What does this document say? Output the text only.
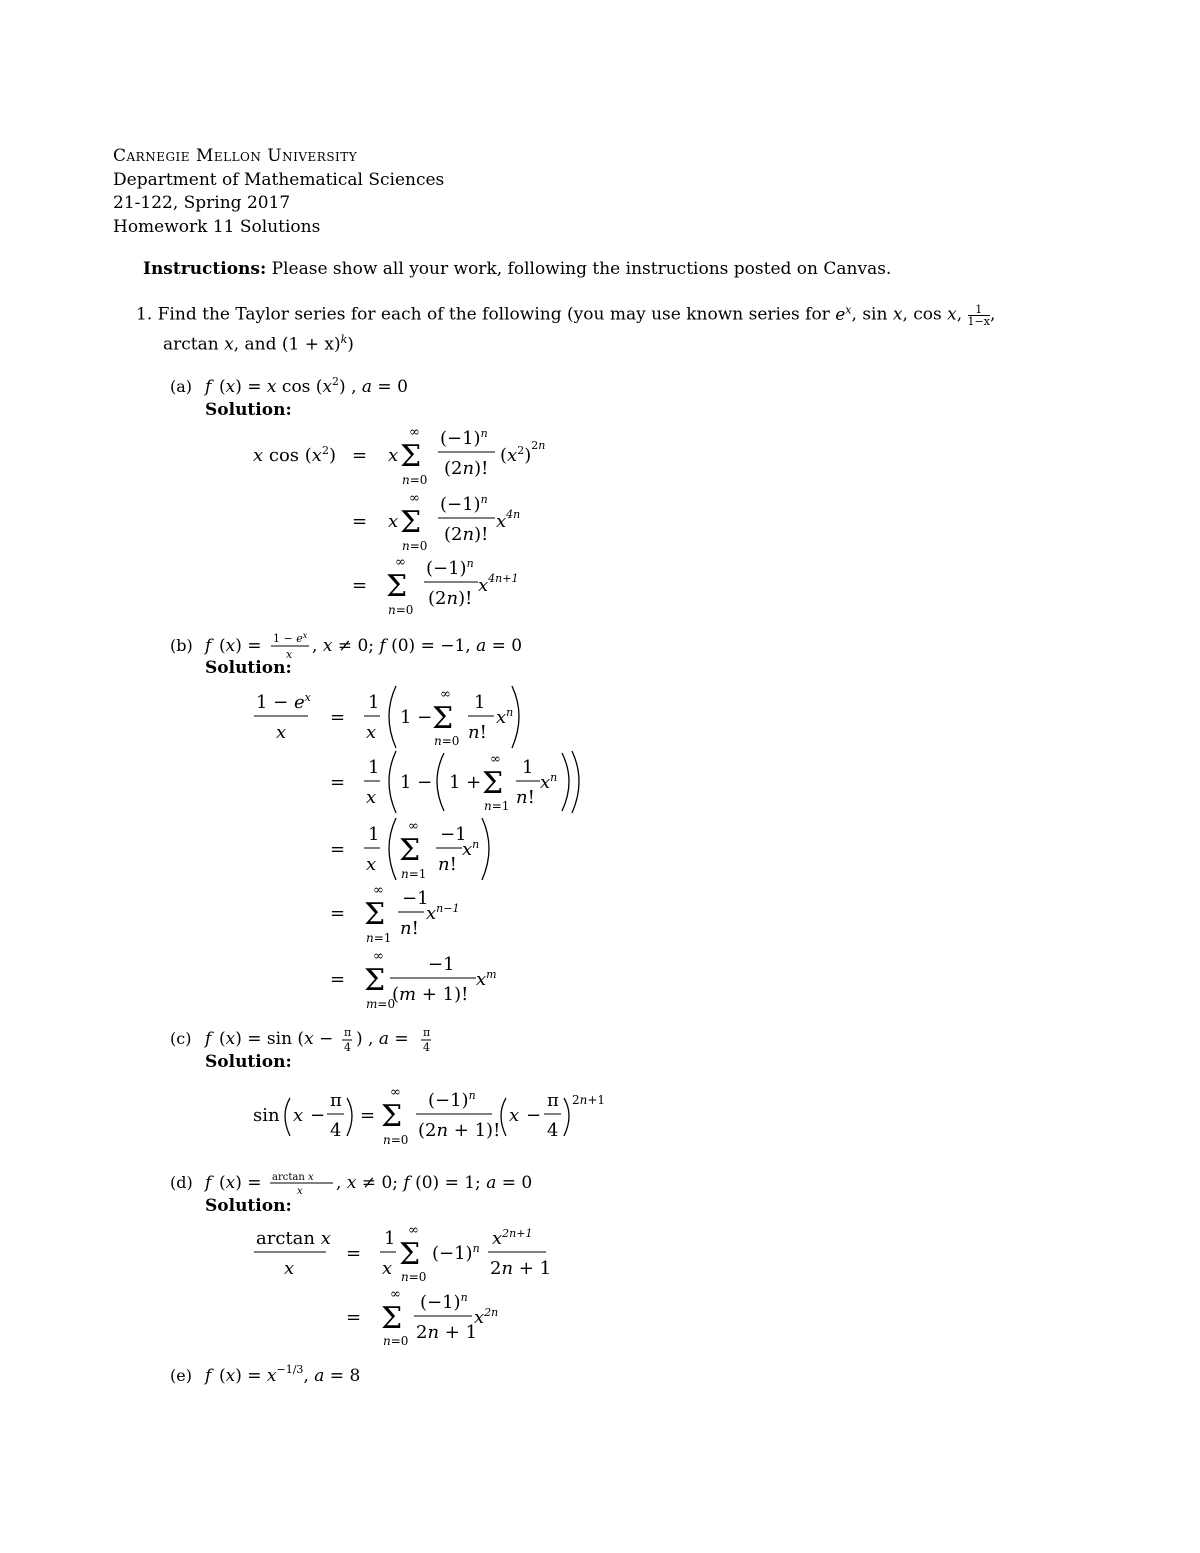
Carnegie Mellon University
Department of Mathematical Sciences
21-122, Spring 2017
Homework 11 Solutions
Instructions: Please show all your work, following the instructions posted on Canvas.
1. Find the Taylor series for each of the following (you may use known series for $e^x$, sin x, cos x, $\frac{1}{1-x}$ ,
arctan x, and $(1 + x)^k$)
(a)
(b)
(c)
(d)
(e)
Solution:
Solution:
Solution:
Solution:
f (x) = x $\cos (x^2)$ , a = 0
x $\cos (x^2) = x$
∞
Σ
n=0
$(-1)^n$
(2n)!
$(x^2)^2n$
= x
∞
Σ
n=0
$(-1)^n$
(2n)!
$x^{4n}$
=
∞
Σ
n=0
$(-1)^n$
(2n)!
$x^{4n+1}$
f $(x) = 1 - e^x$
x , x ≠ 0; f (0) = −1, a = 0
$1 - e^x$
x
=
1
x
1 −
∞
Σ
n=0
1
n!
$x^n$
=
1
x
1 − 1 +
∞
Σ
n=1
1
n!
$x^n$
=
1
x
∞
Σ
n=1
−1
n!
$x^n$
=
∞
Σ
n=1
−1
n!
$x^{n-1}$
=
∞
Σ
m=0
−1
(m + 1)!
$x^m$
f (x) = sin (x − π
4 ) , a = π
4
sin x −
π
4
=
∞
Σ
n=0
$(-1)^n$
(2n + 1)!
x −
π
4
2n+1
f (x) = arctan x
x , x ≠ 0; f (0) = 1; a = 0
arctan x
x
=
1
x
∞
Σ
n=0
$(-1)^n$ $x^{2n+1}$
2n + 1
=
∞
Σ
n=0
$(-1)^n$
2n + 1
$x^{2n}$
f $(x) = x^{-1/3}$, a = 8
